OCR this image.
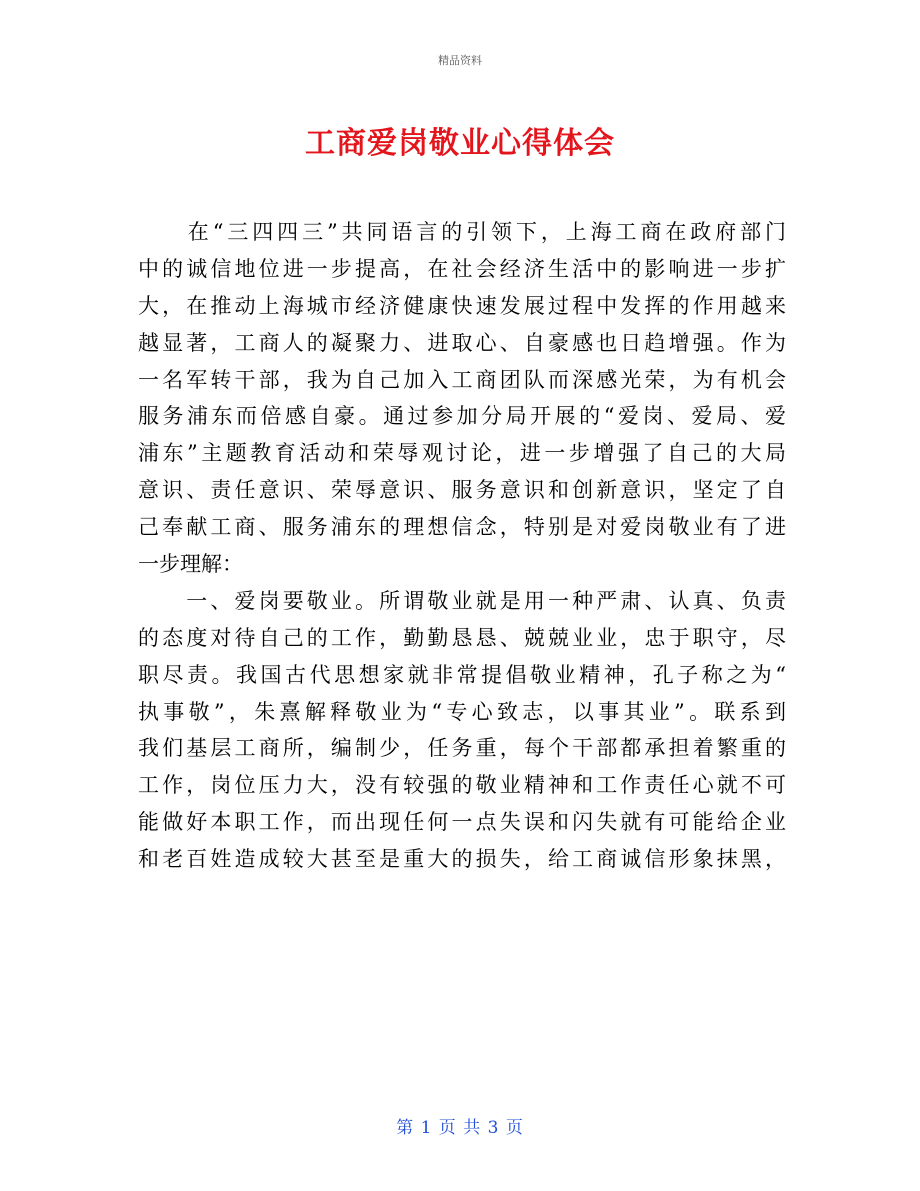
精品资料
工商爱岗敬业心得体会
　　在“三四四三”共同语言的引领下，上海工商在政府部门
中的诚信地位进一步提高，在社会经济生活中的影响进一步扩
大，在推动上海城市经济健康快速发展过程中发挥的作用越来
越显著，工商人的凝聚力、进取心、自豪感也日趋增强。作为
一名军转干部，我为自己加入工商团队而深感光荣，为有机会
服务浦东而倍感自豪。通过参加分局开展的“爱岗、爱局、爱
浦东”主题教育活动和荣辱观讨论，进一步增强了自己的大局
意识、责任意识、荣辱意识、服务意识和创新意识，坚定了自
己奉献工商、服务浦东的理想信念，特别是对爱岗敬业有了进
一步理解：
　　一、爱岗要敬业。所谓敬业就是用一种严肃、认真、负责
的态度对待自己的工作，勤勤恳恳、兢兢业业，忠于职守，尽
职尽责。我国古代思想家就非常提倡敬业精神，孔子称之为“
执事敬”，朱熹解释敬业为“专心致志，以事其业”。联系到
我们基层工商所，编制少，任务重，每个干部都承担着繁重的
工作，岗位压力大，没有较强的敬业精神和工作责任心就不可
能做好本职工作，而出现任何一点失误和闪失就有可能给企业
和老百姓造成较大甚至是重大的损失，给工商诚信形象抹黑，
第 1 页 共 3 页
